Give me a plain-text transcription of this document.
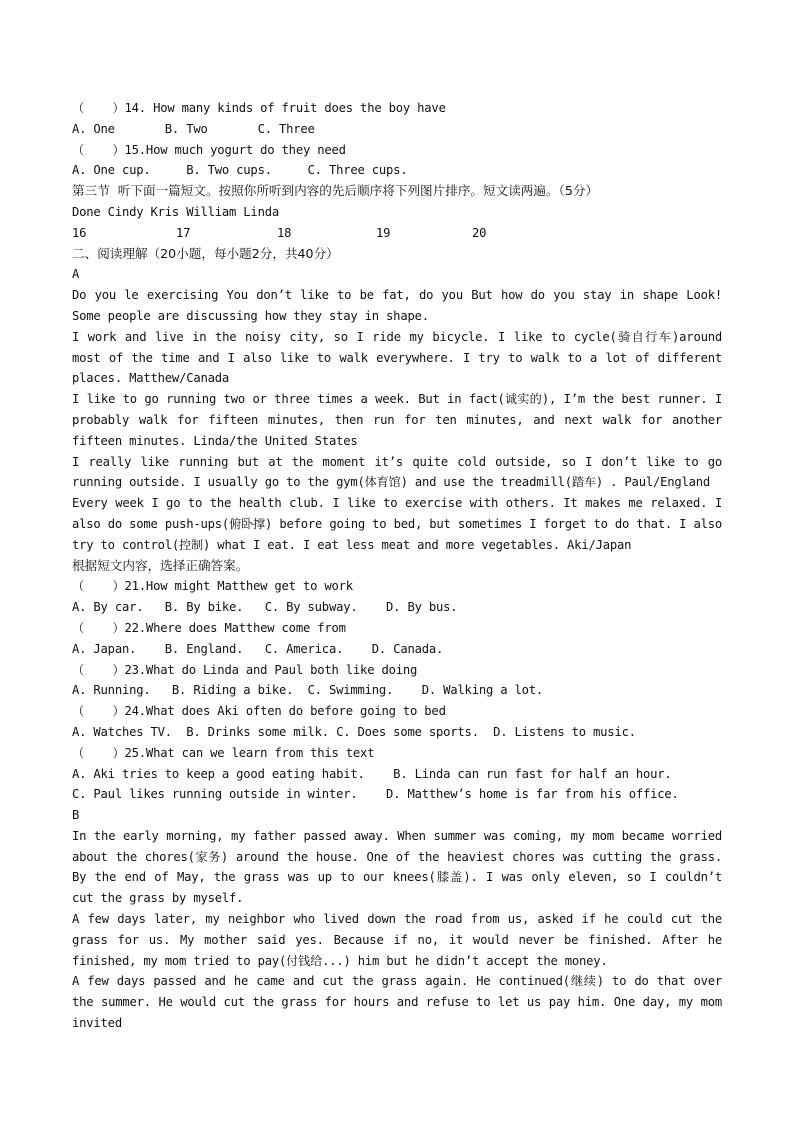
（    ）14. How many kinds of fruit does the boy have
A. One       B. Two       C. Three
（    ）15.How much yogurt do they need
A. One cup.     B. Two cups.     C. Three cups.
第三节  听下面一篇短文。按照你所听到内容的先后顺序将下列图片排序。短文读两遍。（5分）
Done Cindy Kris William Linda
16	17	18	19	20
二、阅读理解（20小题，每小题2分，共40分）
A
Do you le exercising You don’t like to be fat, do you But how do you stay in shape Look! Some people are discussing how they stay in shape.
I work and live in the noisy city, so I ride my bicycle. I like to cycle(骑自行车)around most of the time and I also like to walk everywhere. I try to walk to a lot of different places. Matthew/Canada
I like to go running two or three times a week. But in fact(诚实的), I’m the best runner. I probably walk for fifteen minutes, then run for ten minutes, and next walk for another fifteen minutes. Linda/the United States
I really like running but at the moment it’s quite cold outside, so I don’t like to go running outside. I usually go to the gym(体育馆) and use the treadmill(踏车) . Paul/England
Every week I go to the health club. I like to exercise with others. It makes me relaxed. I also do some push-ups(俯卧撑) before going to bed, but sometimes I forget to do that. I also try to control(控制) what I eat. I eat less meat and more vegetables. Aki/Japan
根据短文内容，选择正确答案。
（    ）21.How might Matthew get to work
A. By car.   B. By bike.   C. By subway.    D. By bus.
（    ）22.Where does Matthew come from
A. Japan.    B. England.   C. America.    D. Canada.
（    ）23.What do Linda and Paul both like doing
A. Running.   B. Riding a bike.  C. Swimming.    D. Walking a lot.
（    ）24.What does Aki often do before going to bed
A. Watches TV.  B. Drinks some milk. C. Does some sports.  D. Listens to music.
（    ）25.What can we learn from this text
A. Aki tries to keep a good eating habit.    B. Linda can run fast for half an hour.
C. Paul likes running outside in winter.    D. Matthew’s home is far from his office.
B
In the early morning, my father passed away. When summer was coming, my mom became worried about the chores(家务) around the house. One of the heaviest chores was cutting the grass. By the end of May, the grass was up to our knees(膝盖). I was only eleven, so I couldn’t cut the grass by myself.
A few days later, my neighbor who lived down the road from us, asked if he could cut the grass for us. My mother said yes. Because if no, it would never be finished. After he finished, my mom tried to pay(付钱给...) him but he didn’t accept the money.
A few days passed and he came and cut the grass again. He continued(继续) to do that over the summer. He would cut the grass for hours and refuse to let us pay him. One day, my mom invited
